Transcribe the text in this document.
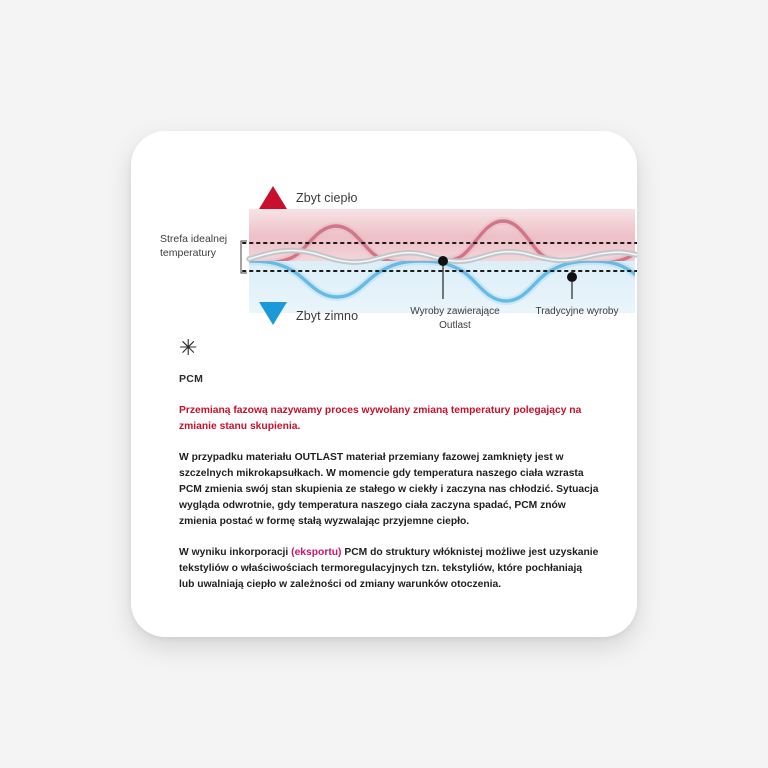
Zbyt ciepło
Zbyt zimno
Strefa idealnej temperatury
Wyroby zawierające Outlast
Tradycyjne wyroby
✳
PCM

Przemianą fazową nazywamy proces wywołany zmianą temperatury polegający na zmianie stanu skupienia.

W przypadku materiału OUTLAST materiał przemiany fazowej zamknięty jest w szczelnych mikrokapsułkach. W momencie gdy temperatura naszego ciała wzrasta PCM zmienia swój stan skupienia ze stałego w ciekły i zaczyna nas chłodzić. Sytuacja wygląda odwrotnie, gdy temperatura naszego ciała zaczyna spadać, PCM znów zmienia postać w formę stałą wyzwalając przyjemne ciepło.

W wyniku inkorporacji (eksportu) PCM do struktury włóknistej możliwe jest uzyskanie tekstyliów o właściwościach termoregulacyjnych tzn. tekstyliów, które pochłaniają lub uwalniają ciepło w zależności od zmiany warunków otoczenia.
